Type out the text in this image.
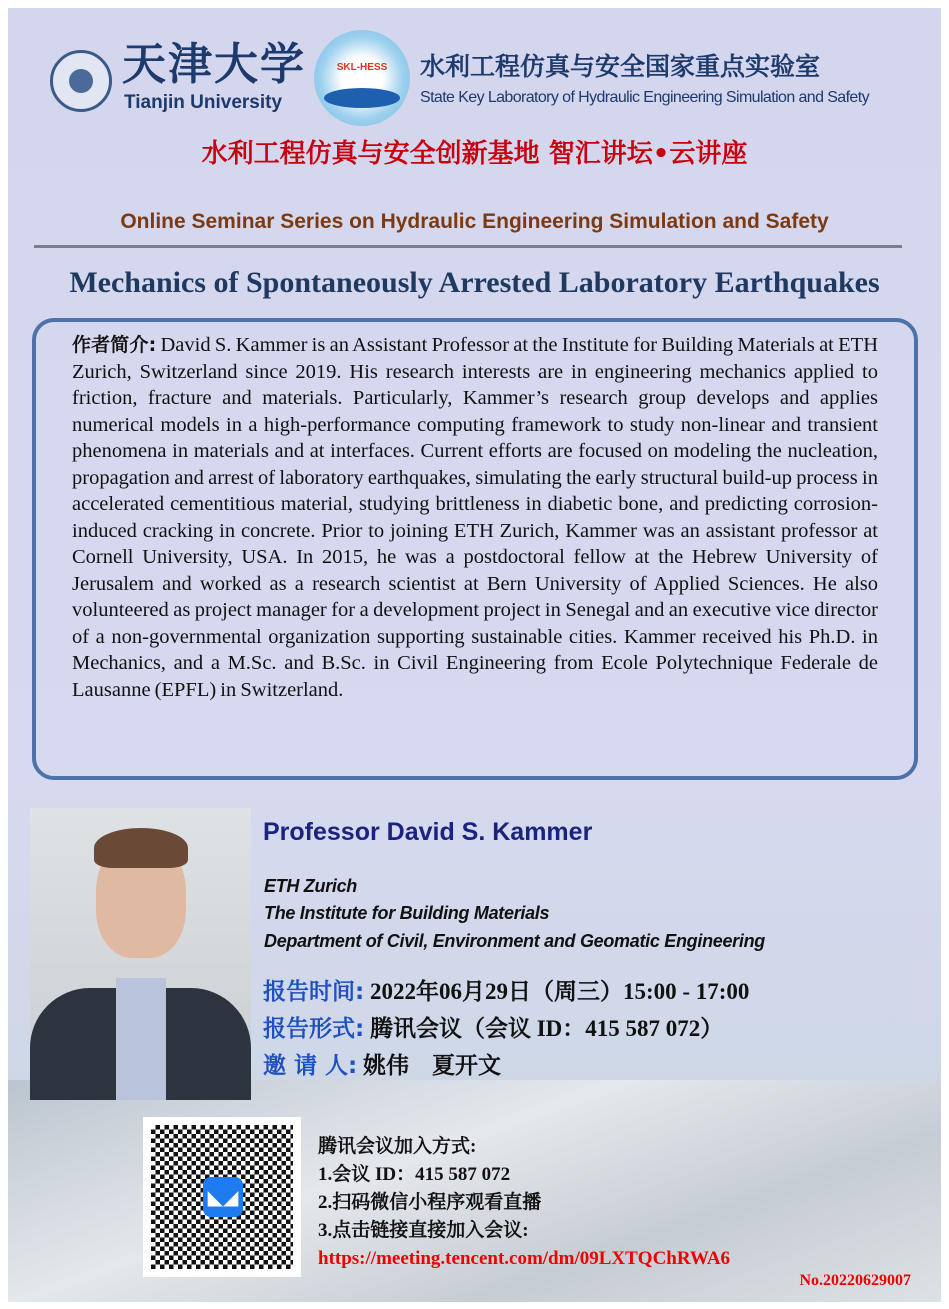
天津大学
Tianjin University
SKL-HESS	水利工程仿真与安全国家重点实验室
State Key Laboratory of Hydraulic Engineering Simulation and Safety
水利工程仿真与安全创新基地 智汇讲坛•云讲座
Online Seminar Series on Hydraulic Engineering Simulation and Safety
Mechanics of Spontaneously Arrested Laboratory Earthquakes

作者简介: David S. Kammer is an Assistant Professor at the Institute for Building Materials at ETH Zurich, Switzerland since 2019. His research interests are in engineering mechanics applied to friction, fracture and materials. Particularly, Kammer’s research group develops and applies numerical models in a high-performance computing framework to study non-linear and transient phenomena in materials and at interfaces. Current efforts are focused on modeling the nucleation, propagation and arrest of laboratory earthquakes, simulating the early structural build-up process in accelerated cementitious material, studying brittleness in diabetic bone, and predicting corrosion-induced cracking in concrete. Prior to joining ETH Zurich, Kammer was an assistant professor at Cornell University, USA. In 2015, he was a postdoctoral fellow at the Hebrew University of Jerusalem and worked as a research scientist at Bern University of Applied Sciences. He also volunteered as project manager for a development project in Senegal and an executive vice director of a non-governmental organization supporting sustainable cities. Kammer received his Ph.D. in Mechanics, and a M.Sc. and B.Sc. in Civil Engineering from Ecole Polytechnique Federale de Lausanne (EPFL) in Switzerland.

Professor David S. Kammer
ETH Zurich
The Institute for Building Materials
Department of Civil, Environment and Geomatic Engineering
报告时间: 2022年06月29日（周三）15:00 - 17:00
报告形式: 腾讯会议（会议 ID：415 587 072）
邀 请 人: 姚伟　夏开文
◣◢
腾讯会议加入方式:
1.会议 ID：415 587 072
2.扫码微信小程序观看直播
3.点击链接直接加入会议:
https://meeting.tencent.com/dm/09LXTQChRWA6
No.20220629007
